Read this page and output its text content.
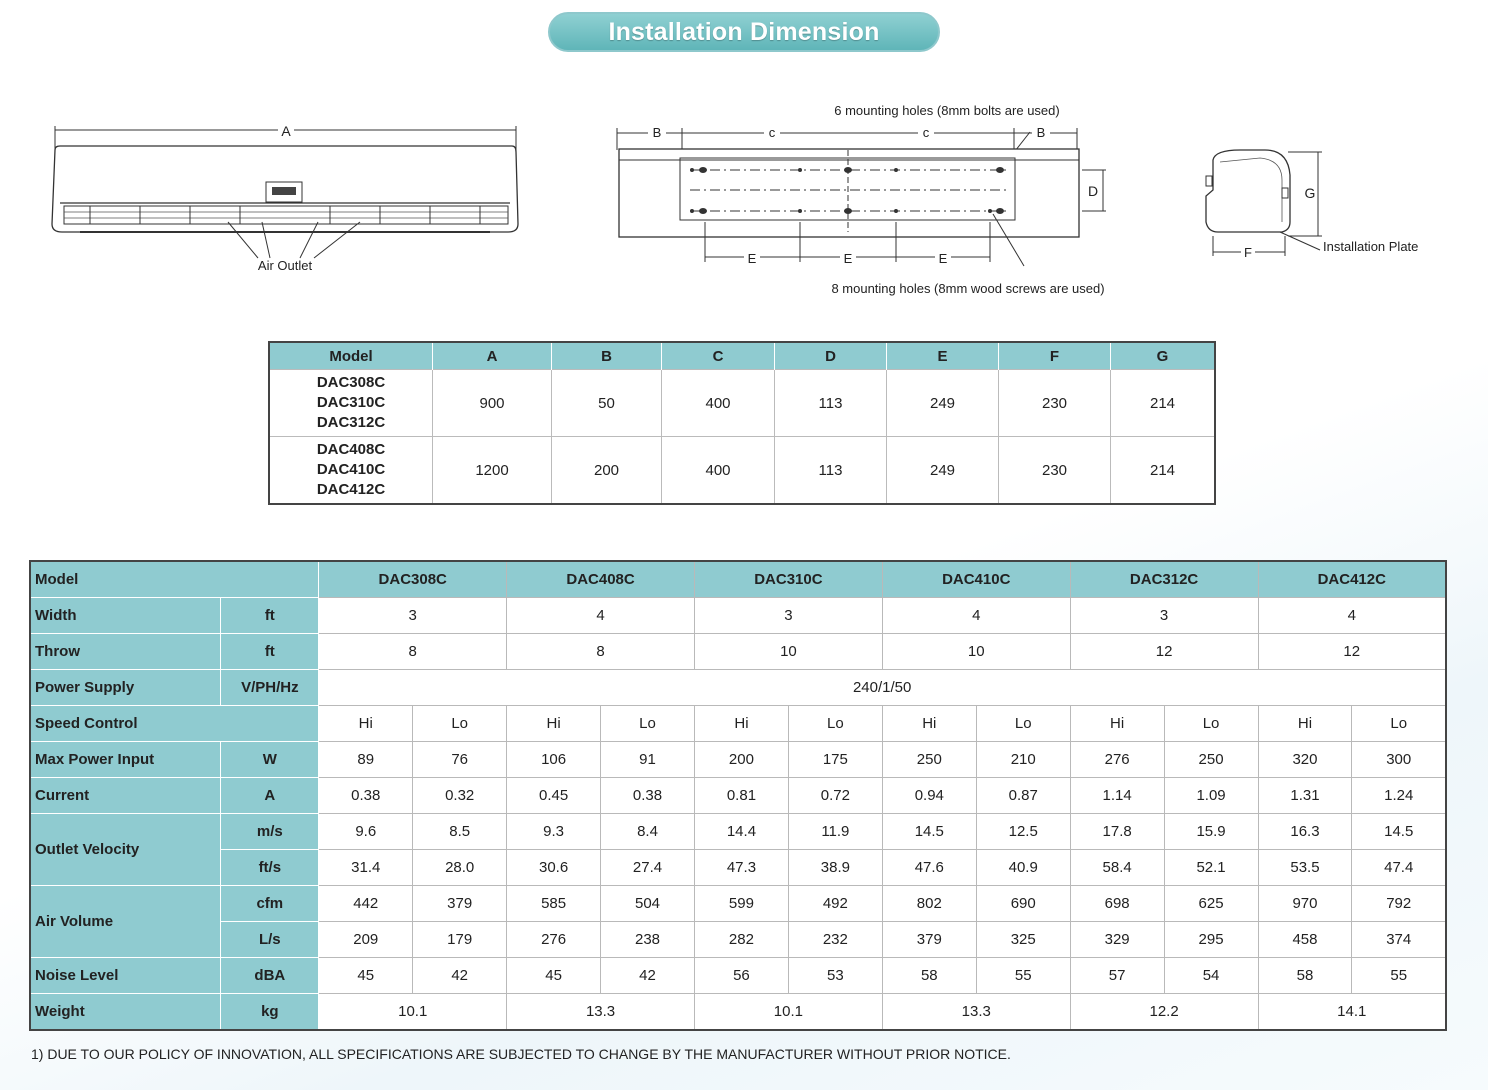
Installation Dimension
A
Air Outlet
6 mounting holes (8mm bolts are used)
B	c	c	B
D
E	E	E
8 mounting holes (8mm wood screws are used)
G
F	Installation Plate
Model	A	B	C	D	E	F	G

DAC308C
DAC310C
DAC312C	900	50	400	113	249	230	214

DAC408C
DAC410C
DAC412C	1200	200	400	113	249	230	214
Model		DAC308C		DAC408C		DAC310C		DAC410C		DAC312C		DAC412C	
Width	ft	3		4		3		4		3		4	
Throw	ft	8		8		10		10		12		12	
Power Supply	V/PH/Hz	240/1/50											
Speed Control		Hi	Lo	Hi	Lo	Hi	Lo	Hi	Lo	Hi	Lo	Hi	Lo
Max Power Input	W	89	76	106	91	200	175	250	210	276	250	320	300
Current	A	0.38	0.32	0.45	0.38	0.81	0.72	0.94	0.87	1.14	1.09	1.31	1.24
Outlet Velocity	m/s	9.6	8.5	9.3	8.4	14.4	11.9	14.5	12.5	17.8	15.9	16.3	14.5
	ft/s	31.4	28.0	30.6	27.4	47.3	38.9	47.6	40.9	58.4	52.1	53.5	47.4
Air Volume	cfm	442	379	585	504	599	492	802	690	698	625	970	792
	L/s	209	179	276	238	282	232	379	325	329	295	458	374
Noise Level	dBA	45	42	45	42	56	53	58	55	57	54	58	55
Weight	kg	10.1		13.3		10.1		13.3		12.2		14.1	
1) DUE TO OUR POLICY OF INNOVATION, ALL SPECIFICATIONS ARE SUBJECTED TO CHANGE BY THE MANUFACTURER WITHOUT PRIOR NOTICE.
